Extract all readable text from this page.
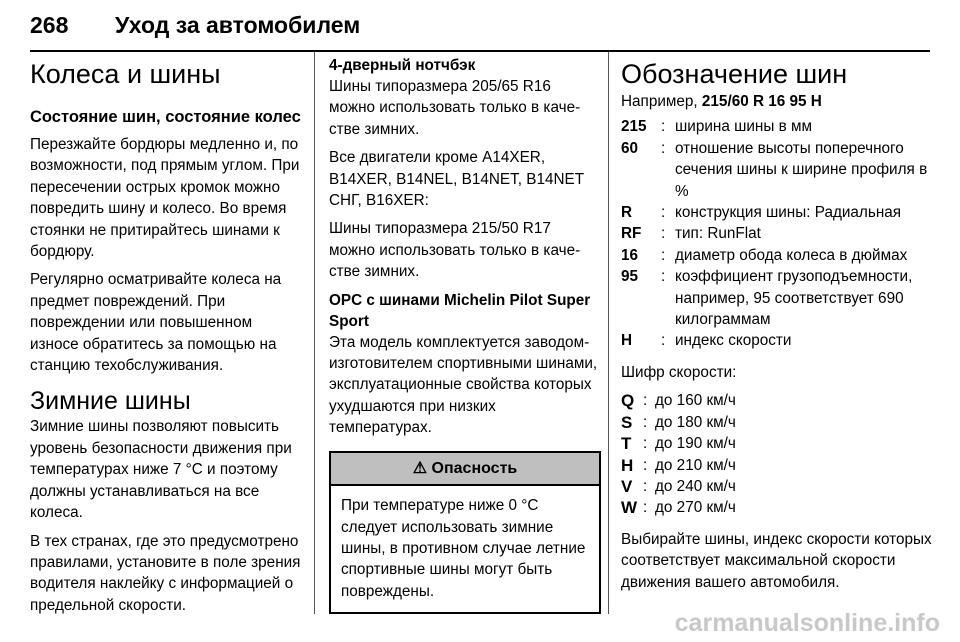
268 Уход за автомобилем
Колеса и шины
Состояние шин, состояние колес

Перезжайте бордюры медленно и, по возможности, под прямым углом. При пересечении острых кромок можно повредить шину и колесо. Во время стоянки не притирайтесь шинами к бордюру.

Регулярно осматривайте колеса на предмет повреждений. При повреждении или повышенном износе обратитесь за помощью на станцию техобслуживания.

Зимние шины

Зимние шины позволяют повысить уровень безопасности движения при температурах ниже 7 °C и поэтому должны устанавливаться на все колеса.

В тех странах, где это предусмотрено правилами, установите в поле зрения водителя наклейку с информацией о предельной скорости.

4-дверный нотчбэк

Шины типоразмера 205/65 R16 можно использовать только в качестве зимних.

Все двигатели кроме A14XER, B14XER, B14NEL, B14NET, B14NET СНГ, B16XER:

Шины типоразмера 215/50 R17 можно использовать только в качестве зимних.

OPC с шинами Michelin Pilot Super Sport

Эта модель комплектуется заводом-изготовителем спортивными шинами, эксплуатационные свойства которых ухудшаются при низких температурах.

⚠ Опасность
При температуре ниже 0 °C следует использовать зимние шины, в противном случае летние спортивные шины могут быть повреждены.
Обозначение шин

Например, 215/60 R 16 95 H

215 : ширина шины в мм
60	: отношение высоты поперечного сечения шины к ширине профиля в %
R	: конструкция шины: Радиальная
RF	: тип: RunFlat
16	: диаметр обода колеса в дюймах
95	: коэффициент грузоподъемности, например, 95 соответствует 690 килограммам
H	: индекс скорости

Шифр скорости:

Q : до 160 км/ч
S : до 180 км/ч
T : до 190 км/ч
H : до 210 км/ч
V : до 240 км/ч
W : до 270 км/ч

Выбирайте шины, индекс скорости которых соответствует максимальной скорости движения вашего автомобиля.

carmanualsonline.info
